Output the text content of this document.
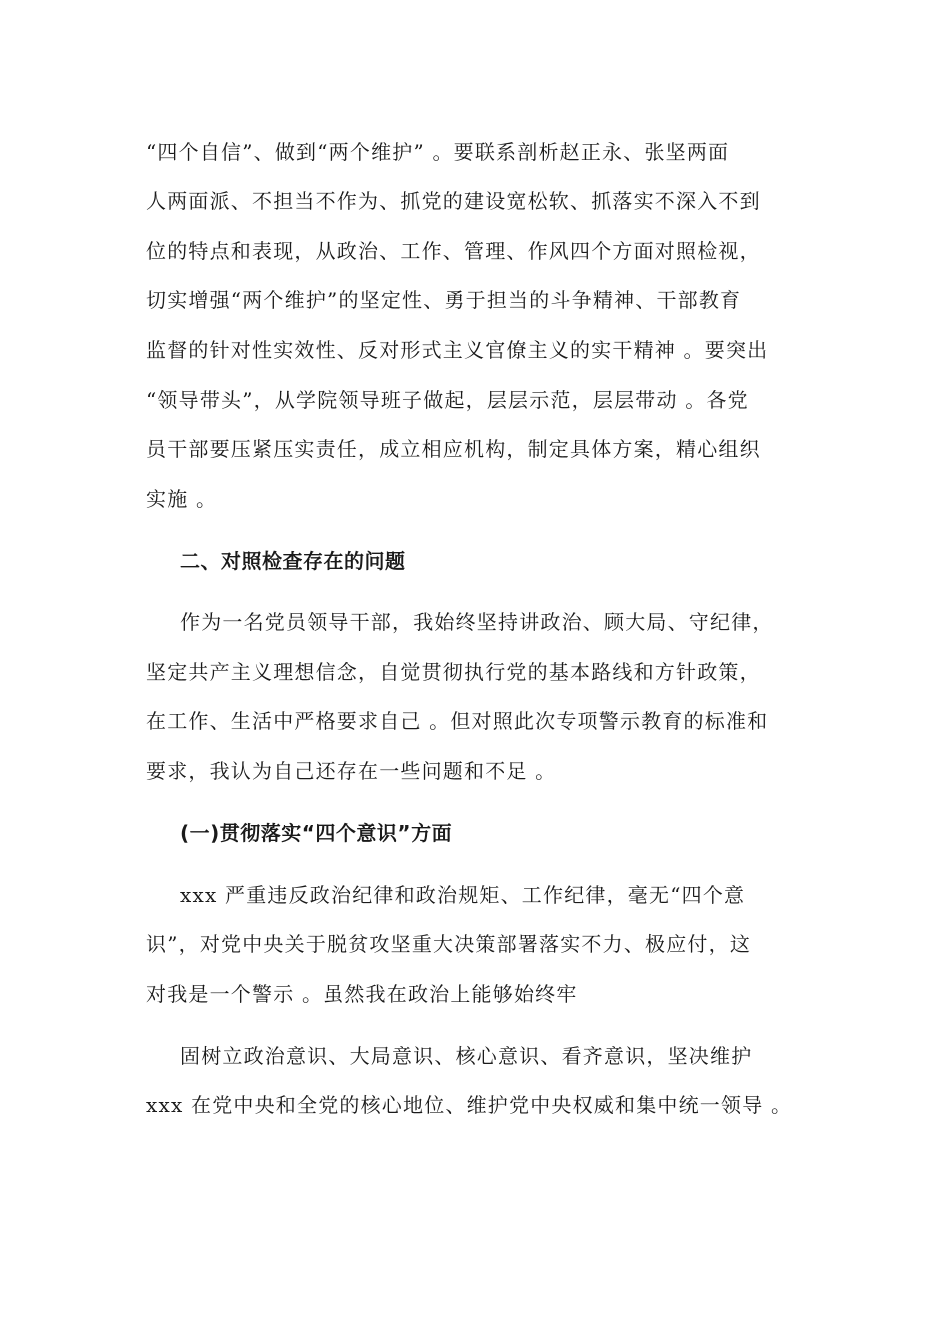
“四个自信”、做到“两个维护” 。要联系剖析赵正永、张坚两面
人两面派、不担当不作为、抓党的建设宽松软、抓落实不深入不到
位的特点和表现，从政治、工作、管理、作风四个方面对照检视，
切实增强“两个维护”的坚定性、勇于担当的斗争精神、干部教育
监督的针对性实效性、反对形式主义官僚主义的实干精神 。要突出
“领导带头”，从学院领导班子做起，层层示范，层层带动 。各党
员干部要压紧压实责任，成立相应机构，制定具体方案，精心组织
实施 。
二、对照检查存在的问题
作为一名党员领导干部，我始终坚持讲政治、顾大局、守纪律，
坚定共产主义理想信念，自觉贯彻执行党的基本路线和方针政策，
在工作、生活中严格要求自己 。但对照此次专项警示教育的标准和
要求，我认为自己还存在一些问题和不足 。
(一)贯彻落实“四个意识”方面
xxx 严重违反政治纪律和政治规矩、工作纪律，毫无“四个意
识”，对党中央关于脱贫攻坚重大决策部署落实不力、极应付，这
对我是一个警示 。虽然我在政治上能够始终牢
固树立政治意识、大局意识、核心意识、看齐意识，坚决维护
xxx 在党中央和全党的核心地位、维护党中央权威和集中统一领导 。
